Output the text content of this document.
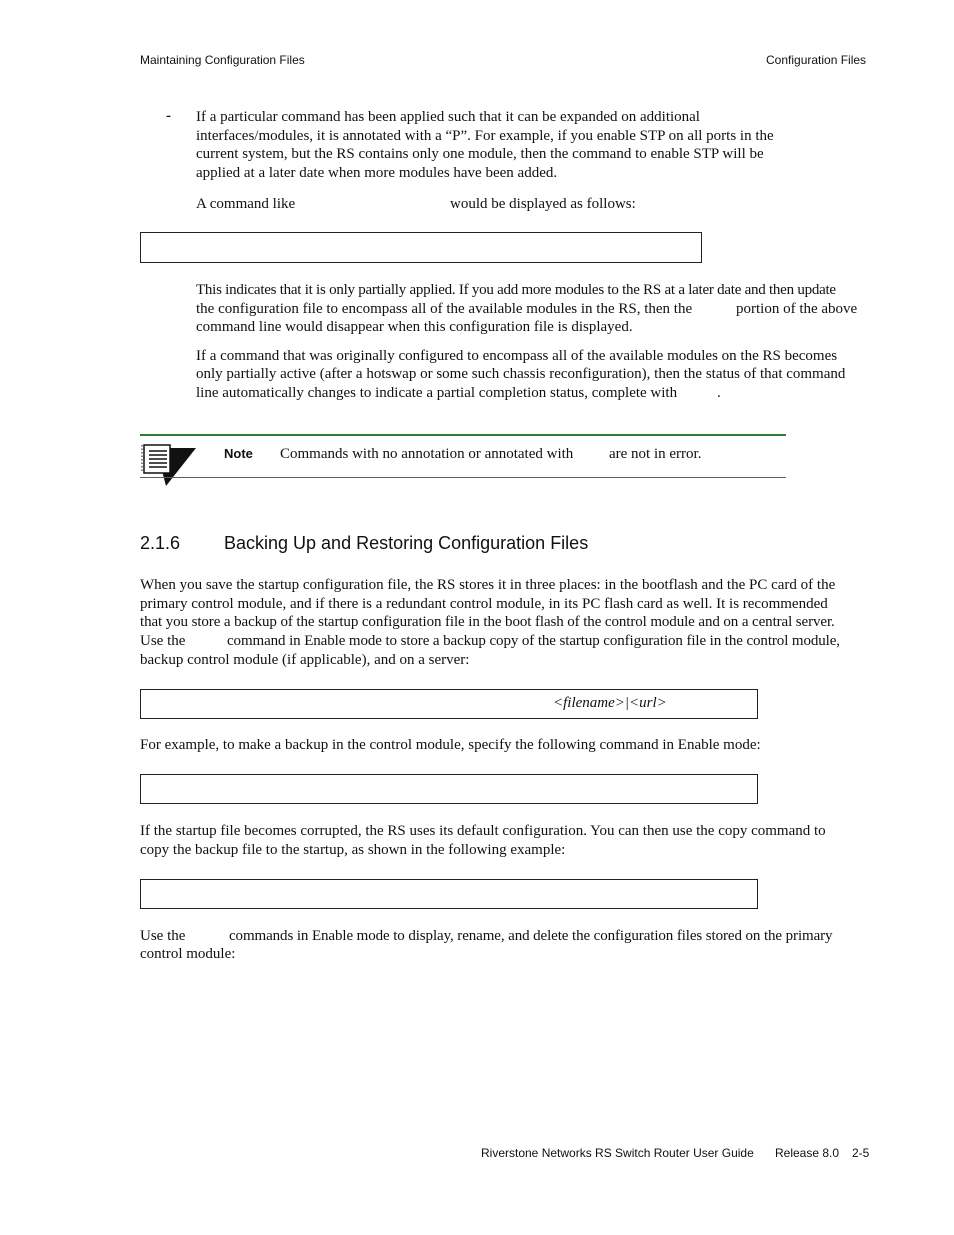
Maintaining Configuration Files	Configuration Files
- If a particular command has been applied such that it can be expanded on additional interfaces/modules, it is annotated with a “P”. For example, if you enable STP on all ports in the current system, but the RS contains only one module, then the command to enable STP will be applied at a later date when more modules have been added.
A command like	would be displayed as follows:
This indicates that it is only partially applied. If you add more modules to the RS at a later date and then update
the configuration file to encompass all of the available modules in the RS, then the	portion of the above
command line would disappear when this configuration file is displayed.
If a command that was originally configured to encompass all of the available modules on the RS becomes
only partially active (after a hotswap or some such chassis reconfiguration), then the status of that command
line automatically changes to indicate a partial completion status, complete with	.
Note Commands with no annotation or annotated with are not in error.
2.1.6 Backing Up and Restoring Configuration Files
When you save the startup configuration file, the RS stores it in three places: in the bootflash and the PC card of the
primary control module, and if there is a redundant control module, in its PC flash card as well. It is recommended
that you store a backup of the startup configuration file in the boot flash of the control module and on a central server.
Use the	command in Enable mode to store a backup copy of the startup configuration file in the control module,
backup control module (if applicable), and on a server:
<filename>|<url>
For example, to make a backup in the control module, specify the following command in Enable mode:
If the startup file becomes corrupted, the RS uses its default configuration. You can then use the copy command to
copy the backup file to the startup, as shown in the following example:
Use the	commands in Enable mode to display, rename, and delete the configuration files stored on the primary
control module:
Riverstone Networks RS Switch Router User Guide Release 8.0 2-5
